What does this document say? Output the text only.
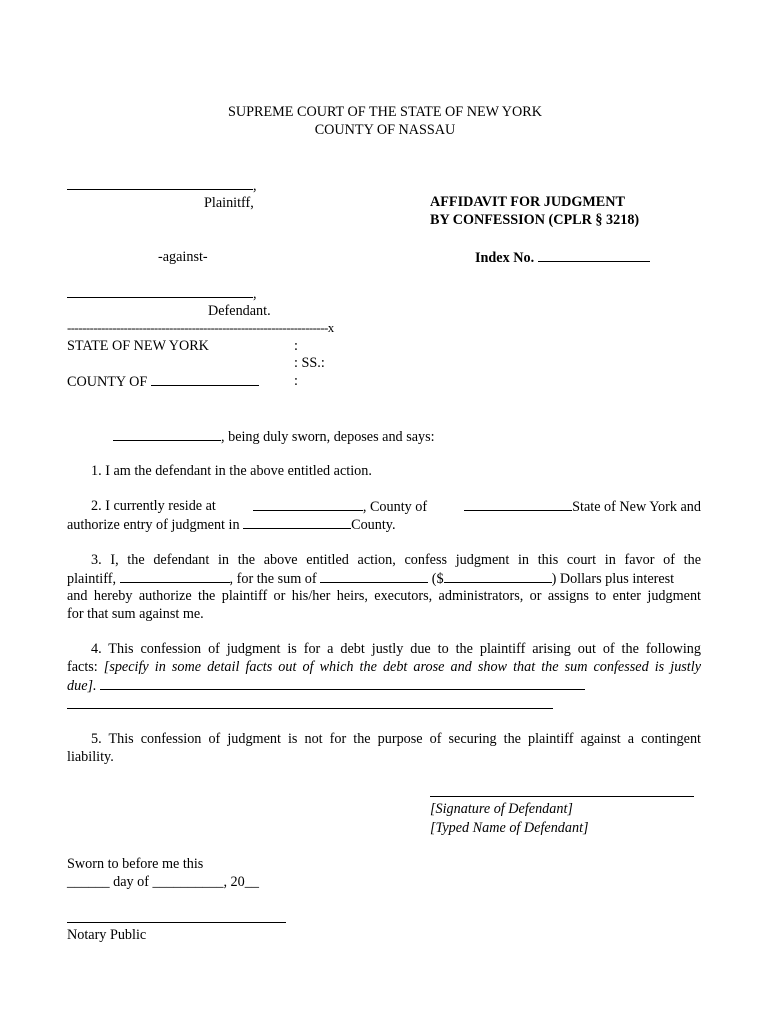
SUPREME COURT OF THE STATE OF NEW YORK
COUNTY OF NASSAU
,
Plainitff,	AFFIDAVIT FOR JUDGMENT
BY CONFESSION (CPLR § 3218)
-against-	Index No.
,
Defendant.
---------------------------------------------------------------------x
STATE OF NEW YORK	:
: SS.:
COUNTY OF	:
, being duly sworn, deposes and says:
1. I am the defendant in the above entitled action.
2. I currently reside at	, County of	State of New York and
authorize entry of judgment in	County.
3. I, the defendant in the above entitled action, confess judgment in this court in favor of the
plaintiff,	, for the sum of	($	) Dollars plus interest
and hereby authorize the plaintiff or his/her heirs, executors, administrators, or assigns to enter judgment
for that sum against me.
4. This confession of judgment is for a debt justly due to the plaintiff arising out of the following
facts: [specify in some detail facts out of which the debt arose and show that the sum confessed is justly
due].
5. This confession of judgment is not for the purpose of securing the plaintiff against a contingent
liability.
[Signature of Defendant]
[Typed Name of Defendant]
Sworn to before me this
______ day of __________, 20__
Notary Public
